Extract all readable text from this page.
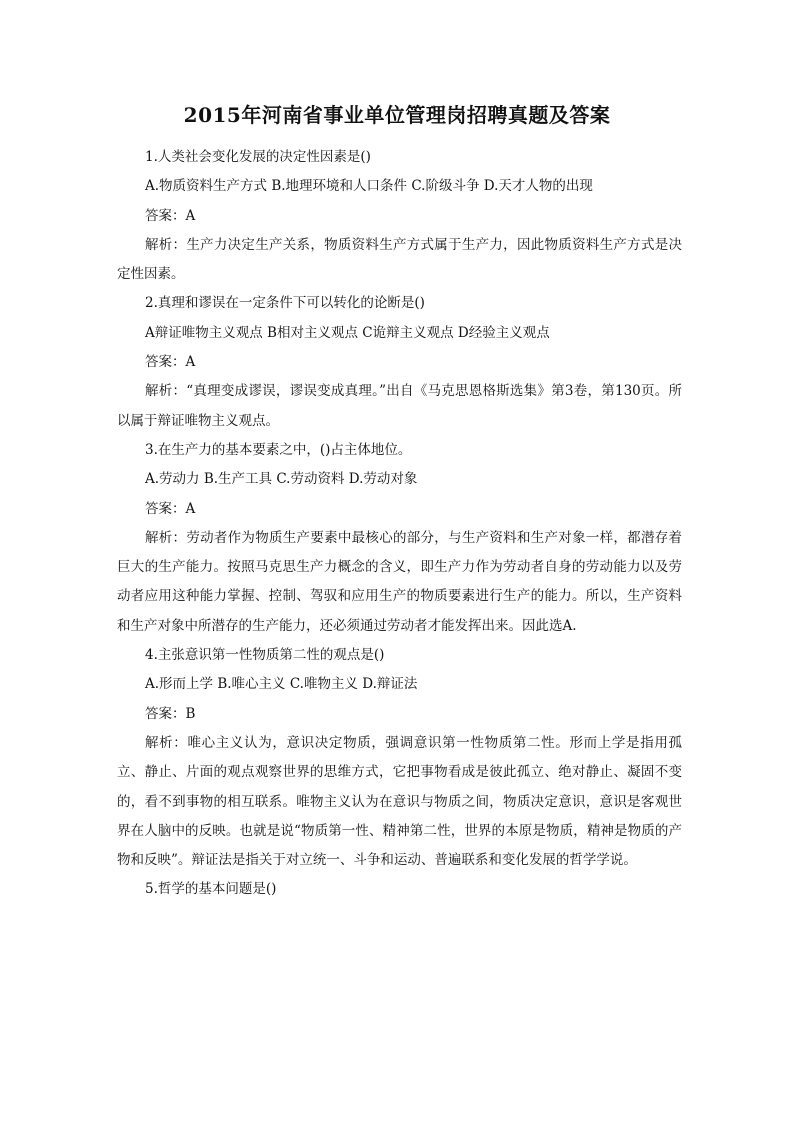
2015年河南省事业单位管理岗招聘真题及答案

1.人类社会变化发展的决定性因素是()

A.物质资料生产方式 B.地理环境和人口条件 C.阶级斗争 D.天才人物的出现

答案：A

解析：生产力决定生产关系，物质资料生产方式属于生产力，因此物质资料生产方式是决定性因素。

2.真理和谬误在一定条件下可以转化的论断是()

A辩证唯物主义观点 B相对主义观点 C诡辩主义观点 D经验主义观点

答案：A

解析：“真理变成谬误，谬误变成真理。”出自《马克思恩格斯选集》第3卷，第130页。所以属于辩证唯物主义观点。

3.在生产力的基本要素之中，()占主体地位。

A.劳动力 B.生产工具 C.劳动资料 D.劳动对象

答案：A

解析：劳动者作为物质生产要素中最核心的部分，与生产资料和生产对象一样，都潜存着巨大的生产能力。按照马克思生产力概念的含义，即生产力作为劳动者自身的劳动能力以及劳动者应用这种能力掌握、控制、驾驭和应用生产的物质要素进行生产的能力。所以，生产资料和生产对象中所潜存的生产能力，还必须通过劳动者才能发挥出来。因此选A.

4.主张意识第一性物质第二性的观点是()

A.形而上学 B.唯心主义 C.唯物主义 D.辩证法

答案：B

解析：唯心主义认为，意识决定物质，强调意识第一性物质第二性。形而上学是指用孤立、静止、片面的观点观察世界的思维方式，它把事物看成是彼此孤立、绝对静止、凝固不变的，看不到事物的相互联系。唯物主义认为在意识与物质之间，物质决定意识，意识是客观世界在人脑中的反映。也就是说“物质第一性、精神第二性，世界的本原是物质，精神是物质的产物和反映”。辩证法是指关于对立统一、斗争和运动、普遍联系和变化发展的哲学学说。

5.哲学的基本问题是()
